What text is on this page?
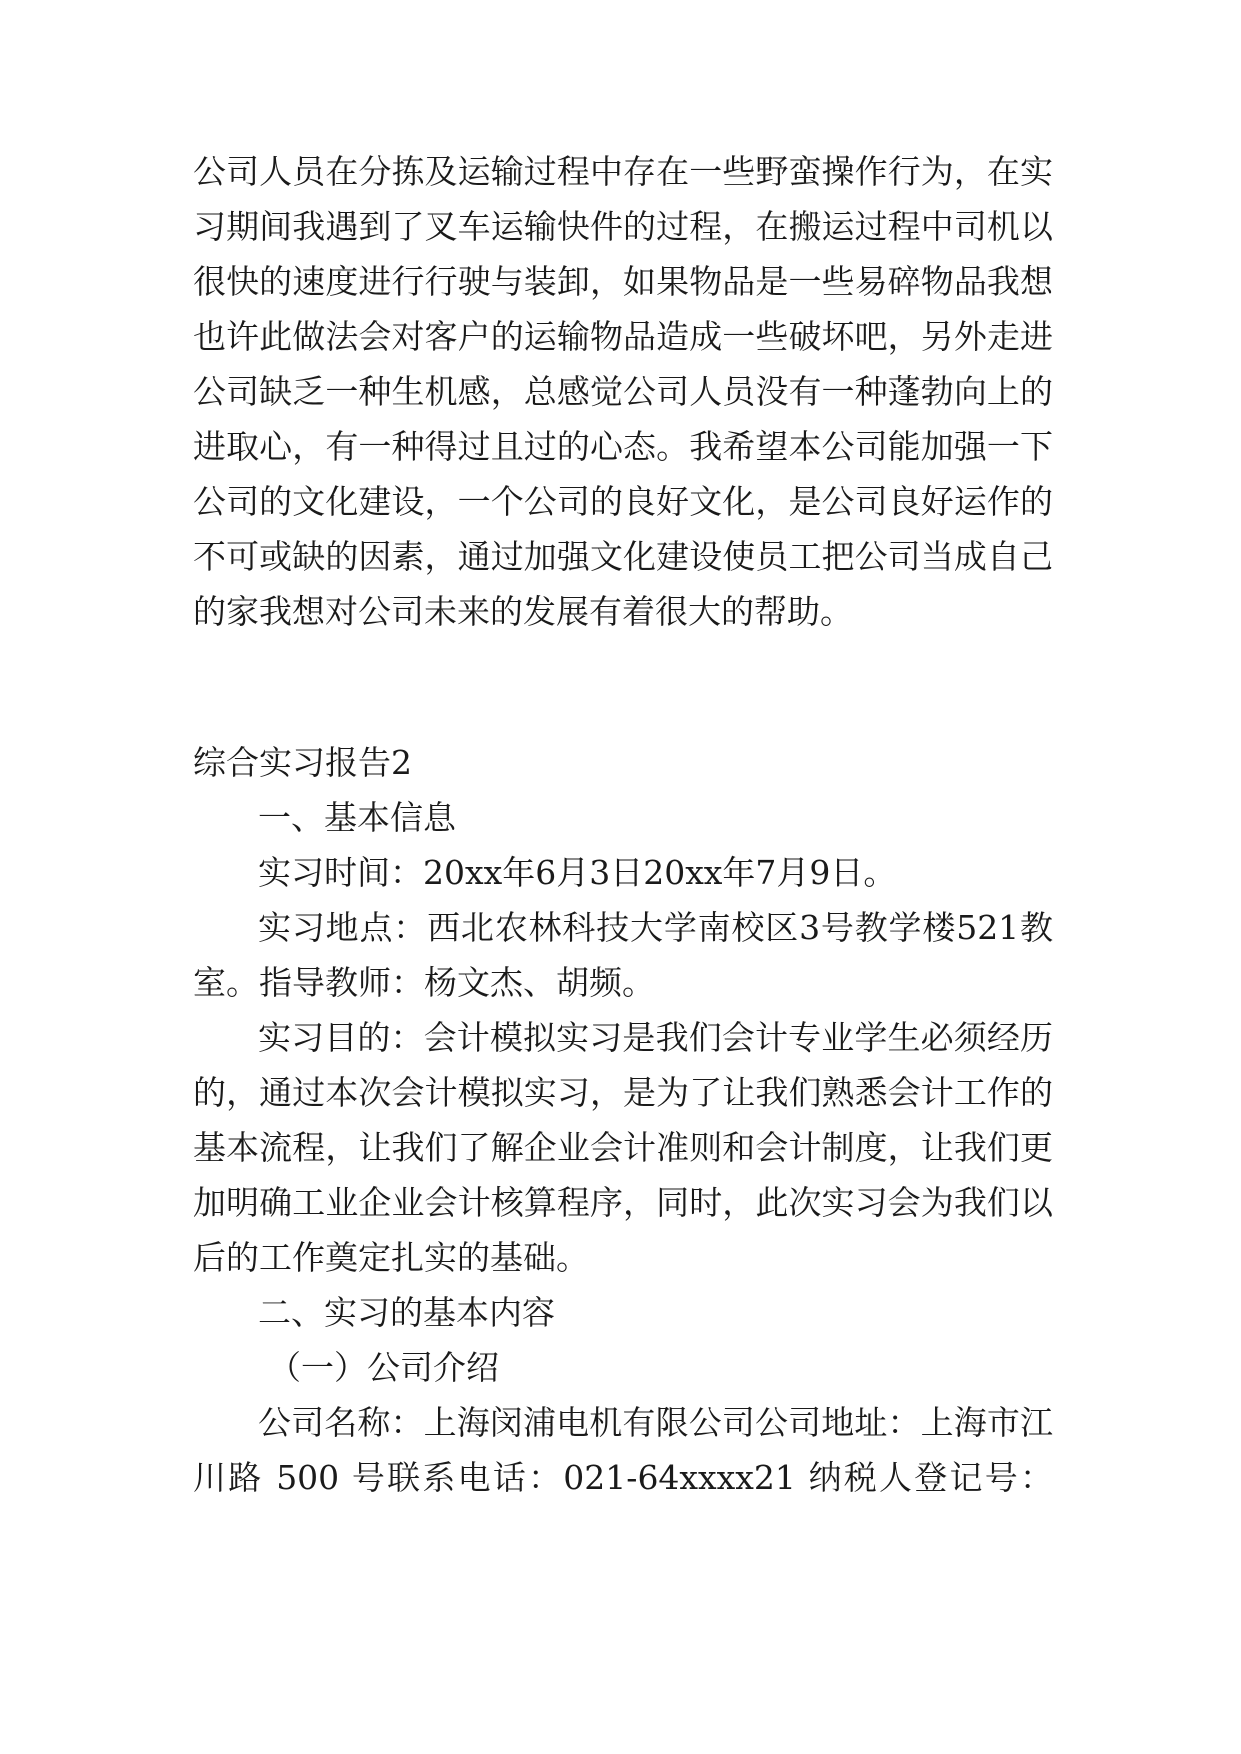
公司人员在分拣及运输过程中存在一些野蛮操作行为，在实
习期间我遇到了叉车运输快件的过程，在搬运过程中司机以
很快的速度进行行驶与装卸，如果物品是一些易碎物品我想
也许此做法会对客户的运输物品造成一些破坏吧，另外走进
公司缺乏一种生机感，总感觉公司人员没有一种蓬勃向上的
进取心，有一种得过且过的心态。我希望本公司能加强一下
公司的文化建设，一个公司的良好文化，是公司良好运作的
不可或缺的因素，通过加强文化建设使员工把公司当成自己
的家我想对公司未来的发展有着很大的帮助。
综合实习报告2
一、基本信息
实习时间：20xx年6月3日20xx年7月9日。
实习地点：西北农林科技大学南校区3号教学楼521教
室。指导教师：杨文杰、胡频。
实习目的：会计模拟实习是我们会计专业学生必须经历
的，通过本次会计模拟实习，是为了让我们熟悉会计工作的
基本流程，让我们了解企业会计准则和会计制度，让我们更
加明确工业企业会计核算程序，同时，此次实习会为我们以
后的工作奠定扎实的基础。
二、实习的基本内容
（一）公司介绍
公司名称：上海闵浦电机有限公司公司地址：上海市江
川路 500 号联系电话：021-64xxxx21 纳税人登记号：
